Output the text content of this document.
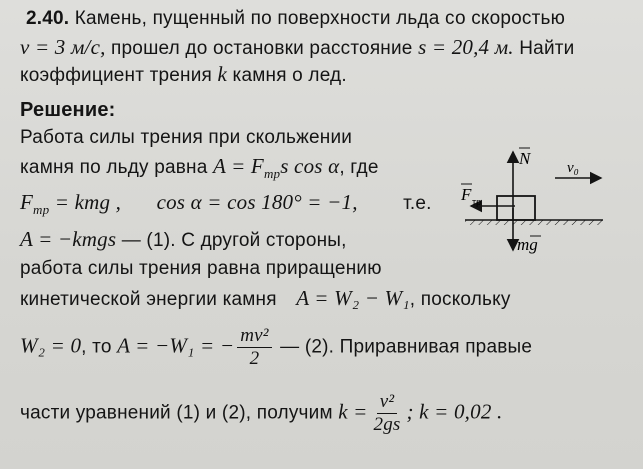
2.40. Камень, пущенный по поверхности льда со скоростью
v = 3 м/с, прошел до остановки расстояние s = 20,4 м. Найти
коэффициент трения k камня о лед.
Решение:
Работа силы трения при скольжении
камня по льду равна $A = F_{тр}s$ cos α, где
$F_{тр}$ = kmg , cos α = cos 180° = −1, т.е.
A = −kmgs — (1). С другой стороны,
работа силы трения равна приращению
кинетической энергии камня A = W₂ − W₁, поскольку
W₂ = 0, то A = −W₁ = − $\frac{\text{mv²}}{2}$ — (2). Приравнивая правые
части уравнений (1) и (2), получим $k = \frac{\text{v²}}{2gs}$ ; k = 0,02 .
N v₀
F тр
mg
